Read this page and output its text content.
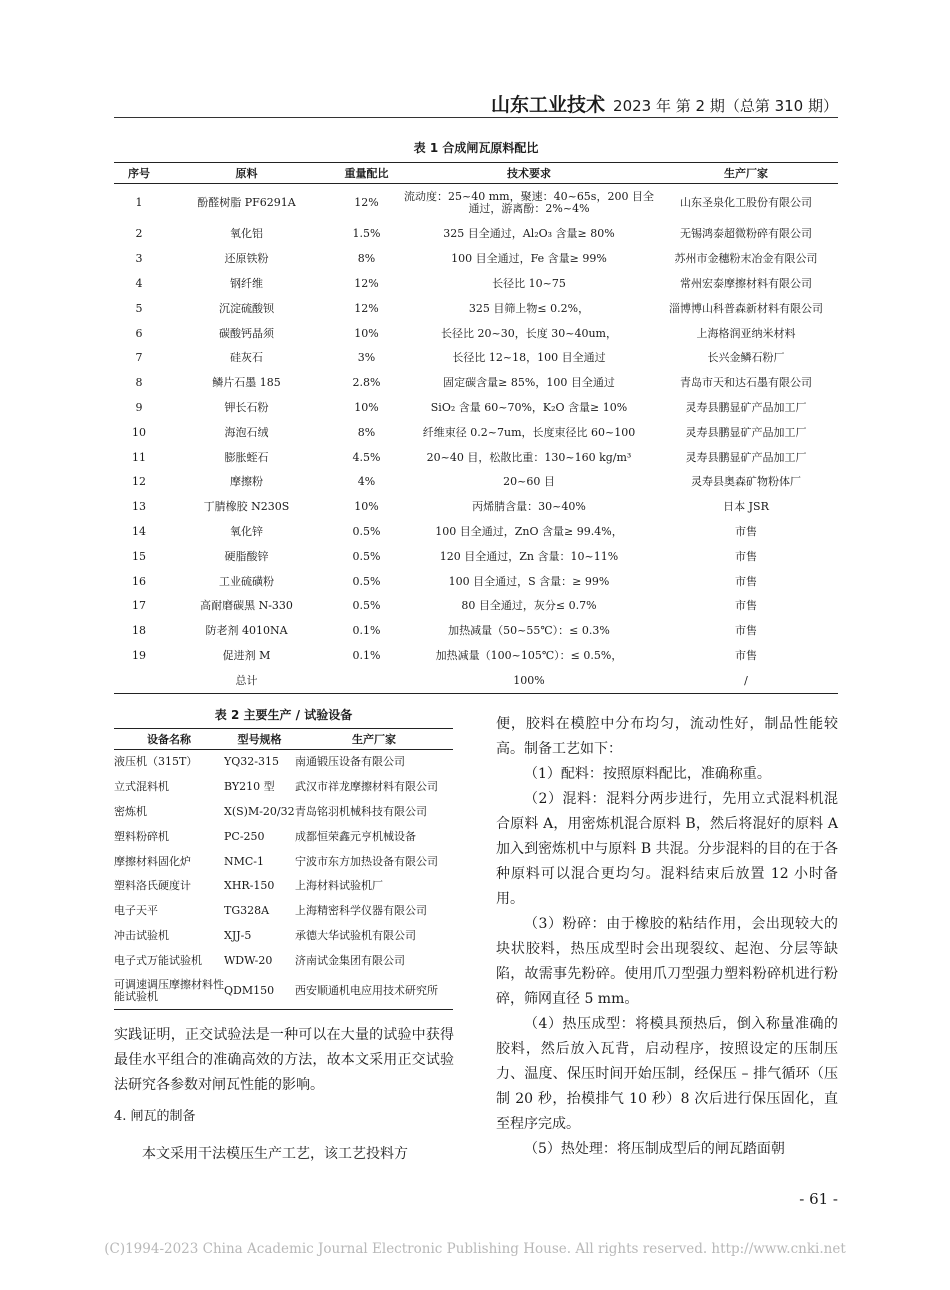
山东工业技术 2023 年 第 2 期（总第 310 期）
表 1 合成闸瓦原料配比
序号	原料	重量配比	技术要求	生产厂家
1	酚醛树脂 PF6291A	12%	流动度：25~40 mm，聚速：40~65s，200 目全通过，游离酚：2%~4%	山东圣泉化工股份有限公司
2	氧化铝	1.5%	325 目全通过，Al₂O₃ 含量≥ 80%	无锡鸿泰超微粉碎有限公司
3	还原铁粉	8%	100 目全通过，Fe 含量≥ 99%	苏州市金穗粉末冶金有限公司
4	钢纤维	12%	长径比 10~75	常州宏泰摩擦材料有限公司
5	沉淀硫酸钡	12%	325 目筛上物≤ 0.2%，	淄博博山科普森新材料有限公司
6	碳酸钙晶须	10%	长径比 20~30，长度 30~40um，	上海格润亚纳米材料
7	硅灰石	3%	长径比 12~18，100 目全通过	长兴金鳞石粉厂
8	鳞片石墨 185	2.8%	固定碳含量≥ 85%，100 目全通过	青岛市天和达石墨有限公司
9	钾长石粉	10%	SiO₂ 含量 60~70%，K₂O 含量≥ 10%	灵寿县鹏显矿产品加工厂
10	海泡石绒	8%	纤维束径 0.2~7um，长度束径比 60~100	灵寿县鹏显矿产品加工厂
11	膨胀蛭石	4.5%	20~40 目，松散比重：130~160 kg/m³	灵寿县鹏显矿产品加工厂
12	摩擦粉	4%	20~60 目	灵寿县奥森矿物粉体厂
13	丁腈橡胶 N230S	10%	丙烯腈含量：30~40%	日本 JSR
14	氧化锌	0.5%	100 目全通过，ZnO 含量≥ 99.4%，	市售
15	硬脂酸锌	0.5%	120 目全通过，Zn 含量：10~11%	市售
16	工业硫磺粉	0.5%	100 目全通过，S 含量：≥ 99%	市售
17	高耐磨碳黑 N-330	0.5%	80 目全通过，灰分≤ 0.7%	市售
18	防老剂 4010NA	0.1%	加热减量（50~55℃）：≤ 0.3%	市售
19	促进剂 M	0.1%	加热减量（100~105℃）：≤ 0.5%，	市售
	总计		100%	/
表 2 主要生产 / 试验设备
设备名称	型号规格	生产厂家
液压机（315T）	YQ32-315	南通锻压设备有限公司
立式混料机	BY210 型	武汉市祥龙摩擦材料有限公司
密炼机	X(S)M-20/32	青岛铭羽机械科技有限公司
塑料粉碎机	PC-250	成都恒荣鑫元亨机械设备
摩擦材料固化炉	NMC-1	宁波市东方加热设备有限公司
塑料洛氏硬度计	XHR-150	上海材料试验机厂
电子天平	TG328A	上海精密科学仪器有限公司
冲击试验机	XJJ-5	承德大华试验机有限公司
电子式万能试验机	WDW-20	济南试金集团有限公司
可调速调压摩擦材料性能试验机	QDM150	西安顺通机电应用技术研究所
实践证明，正交试验法是一种可以在大量的试验中获得最佳水平组合的准确高效的方法，故本文采用正交试验法研究各参数对闸瓦性能的影响。
4. 闸瓦的制备
本文采用干法模压生产工艺，该工艺投料方

便，胶料在模腔中分布均匀，流动性好，制品性能较高。制备工艺如下：

（1）配料：按照原料配比，准确称重。

（2）混料：混料分两步进行，先用立式混料机混合原料 A，用密炼机混合原料 B，然后将混好的原料 A 加入到密炼机中与原料 B 共混。分步混料的目的在于各种原料可以混合更均匀。混料结束后放置 12 小时备用。

（3）粉碎：由于橡胶的粘结作用，会出现较大的块状胶料，热压成型时会出现裂纹、起泡、分层等缺陷，故需事先粉碎。使用爪刀型强力塑料粉碎机进行粉碎，筛网直径 5 mm。

（4）热压成型：将模具预热后，倒入称量准确的胶料，然后放入瓦背，启动程序，按照设定的压制压力、温度、保压时间开始压制，经保压 – 排气循环（压制 20 秒，抬模排气 10 秒）8 次后进行保压固化，直至程序完成。

（5）热处理：将压制成型后的闸瓦踏面朝

- 61 -
(C)1994-2023 China Academic Journal Electronic Publishing House. All rights reserved. http://www.cnki.net
